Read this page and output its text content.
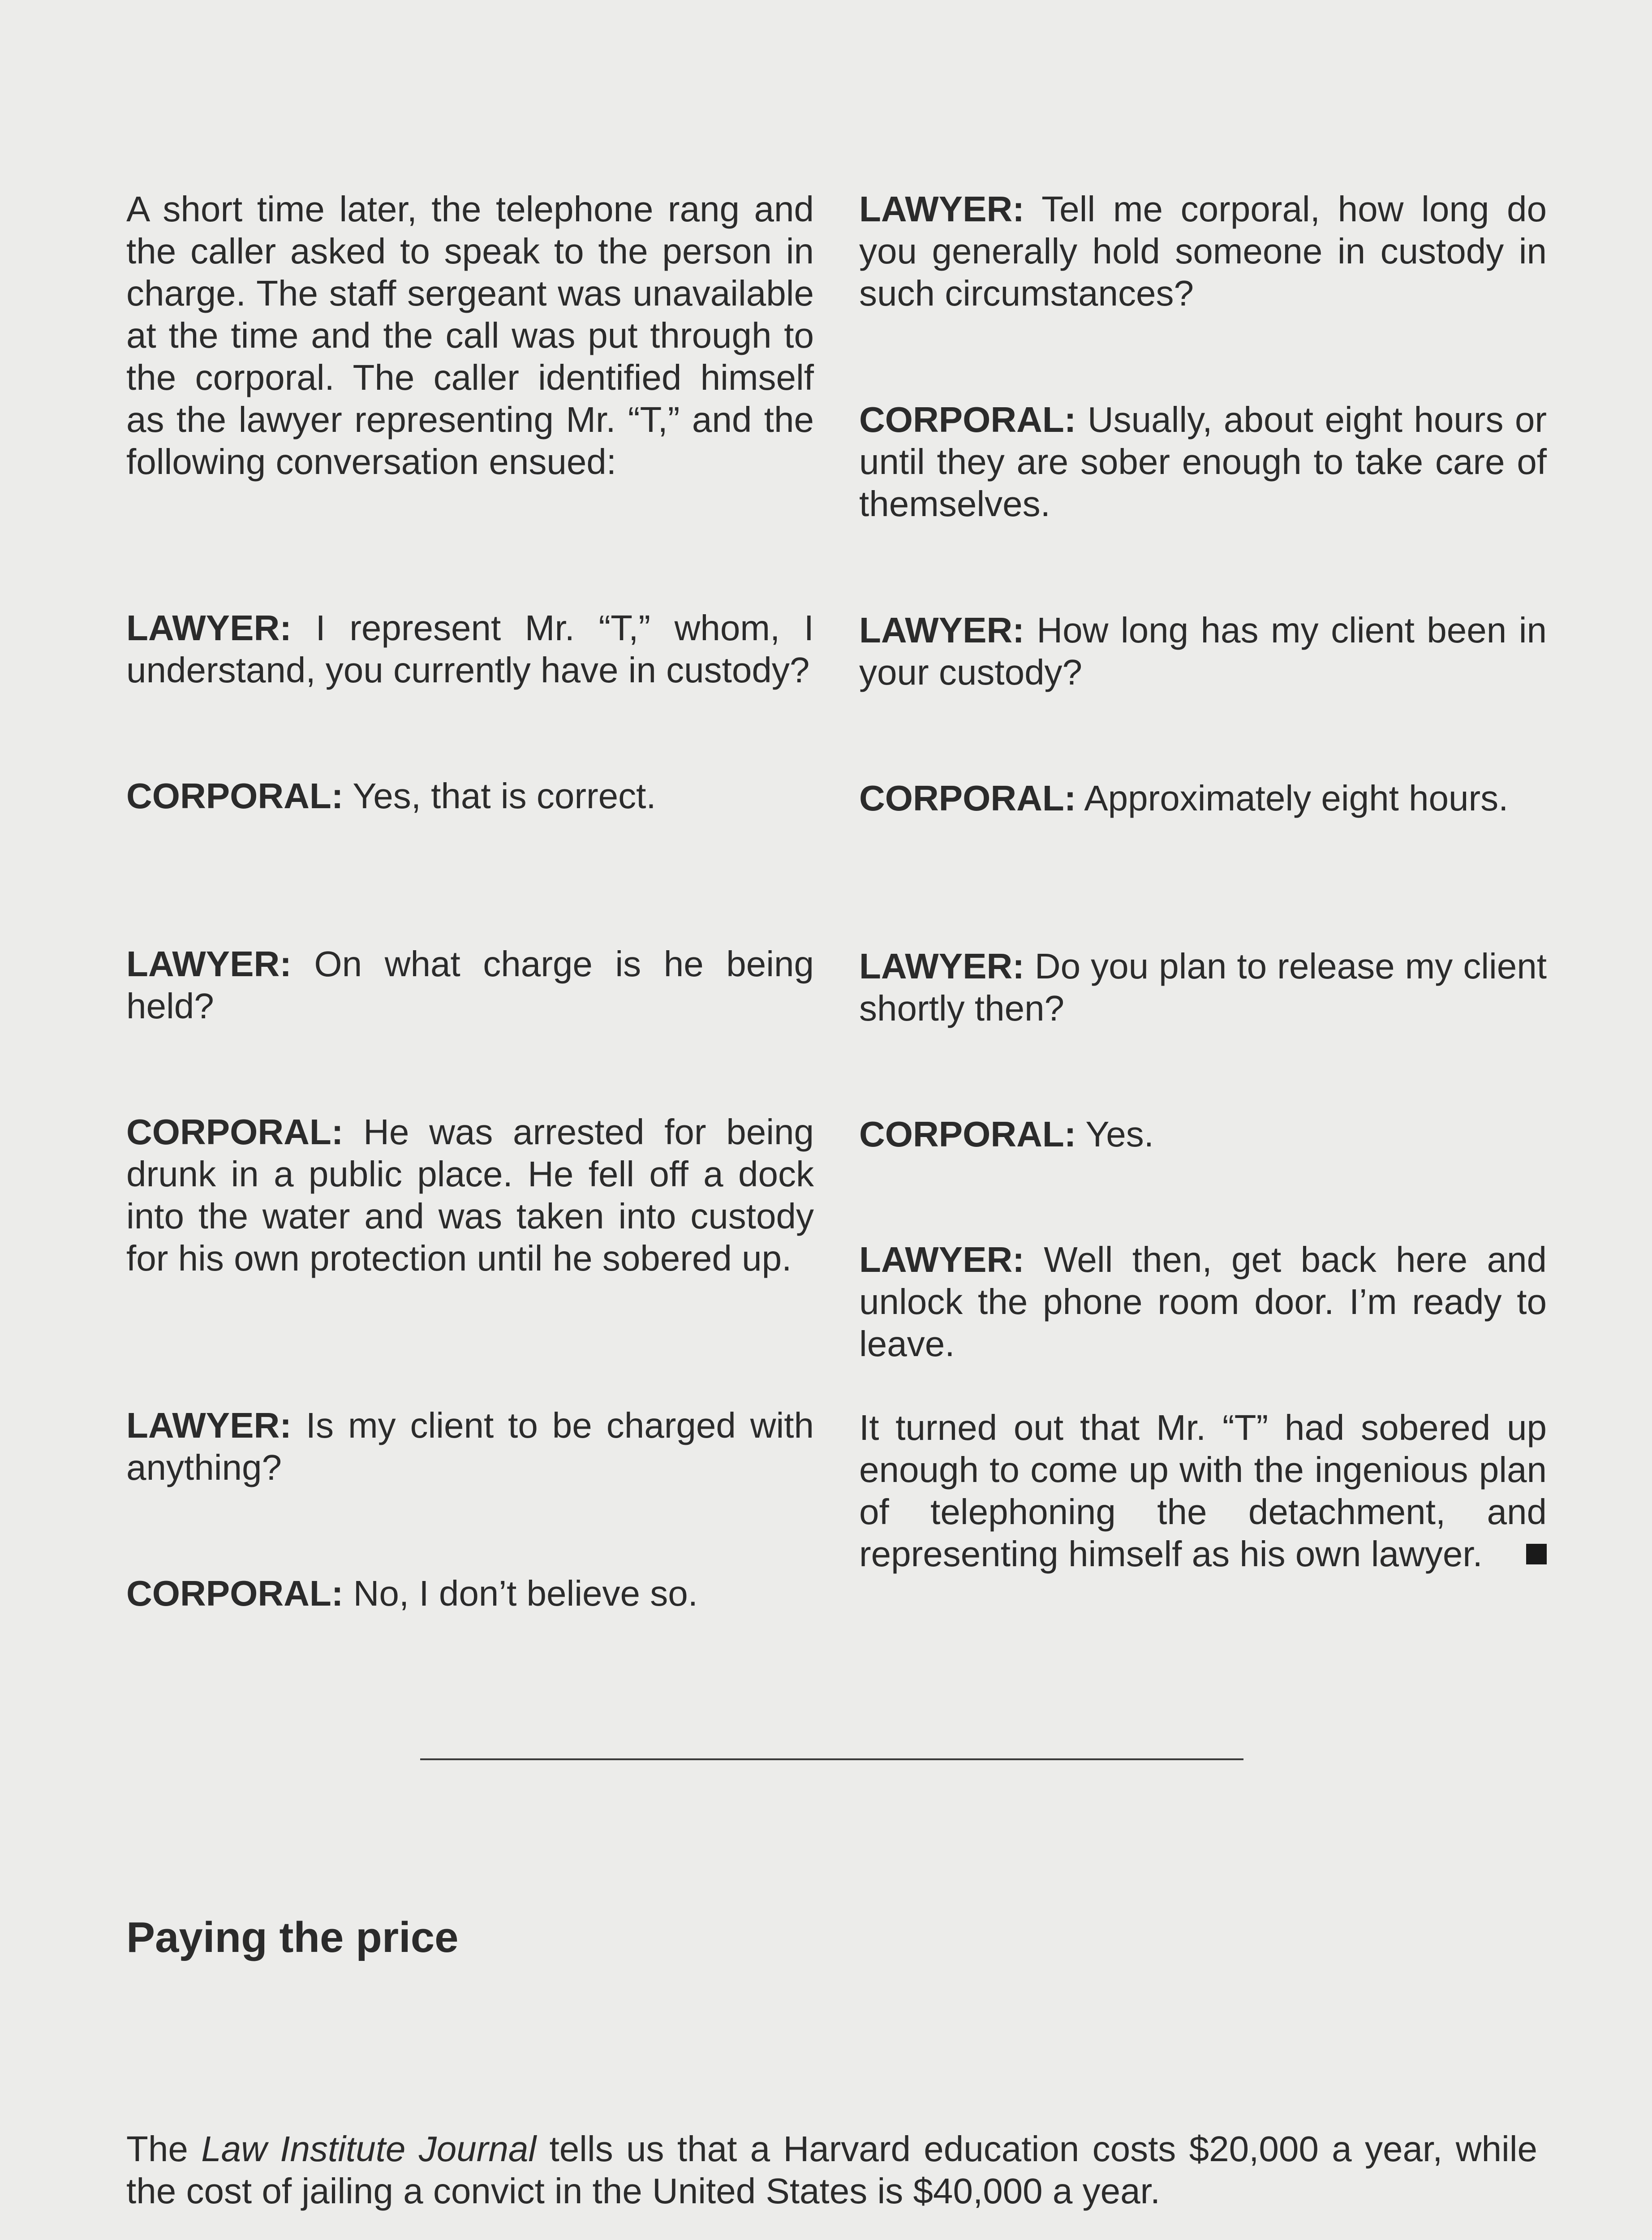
A short time later, the telephone rang and the caller asked to speak to the person in charge. The staff sergeant was unavailable at the time and the call was put through to the corporal. The caller identified himself as the lawyer representing Mr. “T,” and the following conversation ensued:

LAWYER: I represent Mr. “T,” whom, I understand, you currently have in custody?

CORPORAL: Yes, that is correct.

LAWYER: On what charge is he being held?

CORPORAL: He was arrested for being drunk in a public place. He fell off a dock into the water and was taken into custody for his own protection until he sobered up.

LAWYER: Is my client to be charged with anything?

CORPORAL: No, I don’t believe so.

LAWYER: Tell me corporal, how long do you generally hold someone in custody in such circumstances?

CORPORAL: Usually, about eight hours or until they are sober enough to take care of themselves.

LAWYER: How long has my client been in your custody?

CORPORAL: Approximately eight hours.

LAWYER: Do you plan to release my client shortly then?

CORPORAL: Yes.

LAWYER: Well then, get back here and unlock the phone room door. I’m ready to leave.

It turned out that Mr. “T” had sobered up enough to come up with the ingenious plan of telephoning the detachment, and representing himself as his own lawyer.

Paying the price

The Law Institute Journal tells us that a Harvard education costs $20,000 a year, while the cost of jailing a convict in the United States is $40,000 a year.
